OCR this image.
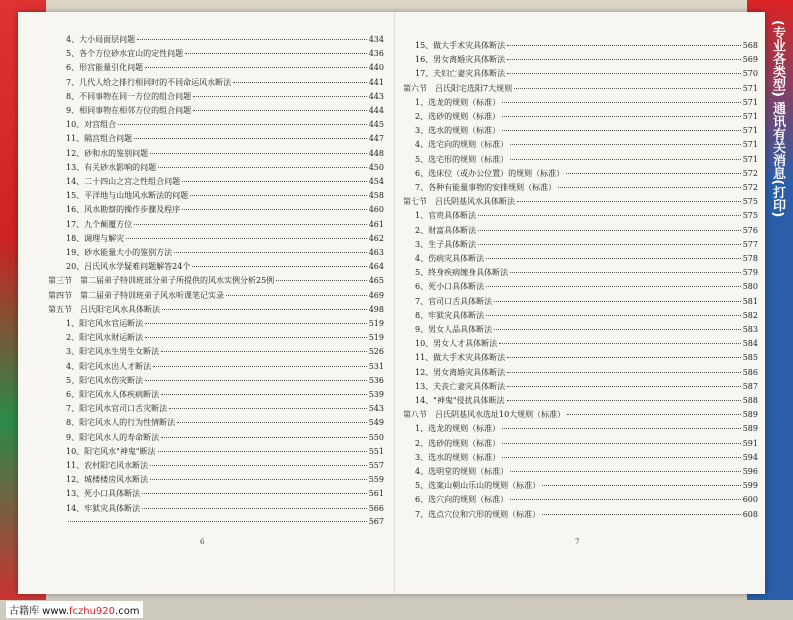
(专业各类型) 通讯有关消息(打印)
4、大小局面层问题	434
5、各个方位砂水宜山的定性问题	436
6、形宫能量引化问题	440
7、几代人给之排行相同时的不同命运风水断法	441
8、不同事物在同一方位的组合问题	443
9、相同事物在相邻方位的组合问题	444
10、对宫组合	445
11、隔宫组合问题	447
12、砂和水的鉴别问题	448
13、有关砂水影响的问题	450
14、二十四山之宫之性组合问题	454
15、平洋地与山地风水断法的问题	458
16、风水勘察的操作步骤及程序	460
17、九个颠覆方位	461
18、调理与解灾	462
19、砂水能量大小的鉴别方法	463
20、吕氏风水学疑难问题解答24个	464
第三节　第二届弟子特训班部分弟子所提供的风水实例分析25例	465
第四节　第二届弟子特训班弟子风水听课笔记实录	469
第五节　吕氏阳宅风水具体断法	498
1、阳宅风水官运断法	519
2、阳宅风水财运断法	519
3、阳宅风水生男生女断法	526
4、阳宅风水出人才断法	531
5、阳宅风水伤灾断法	536
6、阳宅风水人体疾病断法	539
7、阳宅风水官司口舌灾断法	543
8、阳宅风水人的行为性情断法	549
9、阳宅风水人的寿命断法	550
10、阳宅风水"神鬼"断法	551
11、农村阳宅风水断法	557
12、城楼楼房风水断法	559
13、死小口具体断法	561
14、牢狱灾具体断法	566
567
6
15、做大手术灾具体断法	568
16、男女离婚灾具体断法	569
17、夫妇亡妻灾具体断法	570
第六节　吕氏阳宅选阳7大规则	571
1、选龙的规则（标准）	571
2、选砂的规则（标准）	571
3、选水的规则（标准）	571
4、选宅向的规则（标准）	571
5、选宅形的规则（标准）	571
6、选床位（或办公位置）的规则（标准）	572
7、各种有能量事物的安排规则（标准）	572
第七节　吕氏阴基风水具体断法	575
1、官贵具体断法	575
2、财富具体断法	576
3、生子具体断法	577
4、伤病灾具体断法	578
5、终身疾病缠身具体断法	579
6、死小口具体断法	580
7、官司口舌具体断法	581
8、牢狱灾具体断法	582
9、男女人品具体断法	583
10、男女人才具体断法	584
11、做大手术灾具体断法	585
12、男女离婚灾具体断法	586
13、夫丧亡妻灾具体断法	587
14、"神鬼"侵扰具体断法	588
第八节　吕氏阴基风水选址10大规则（标准）	589
1、选龙的规则（标准）	589
2、选砂的规则（标准）	591
3、选水的规则（标准）	594
4、选明堂的规则（标准）	596
5、选案山朝山乐山的规则（标准）	599
6、选穴向的规则（标准）	600
7、选点穴位和穴形的规则（标准）	608
7
古籍库 www.fczhu920.com
